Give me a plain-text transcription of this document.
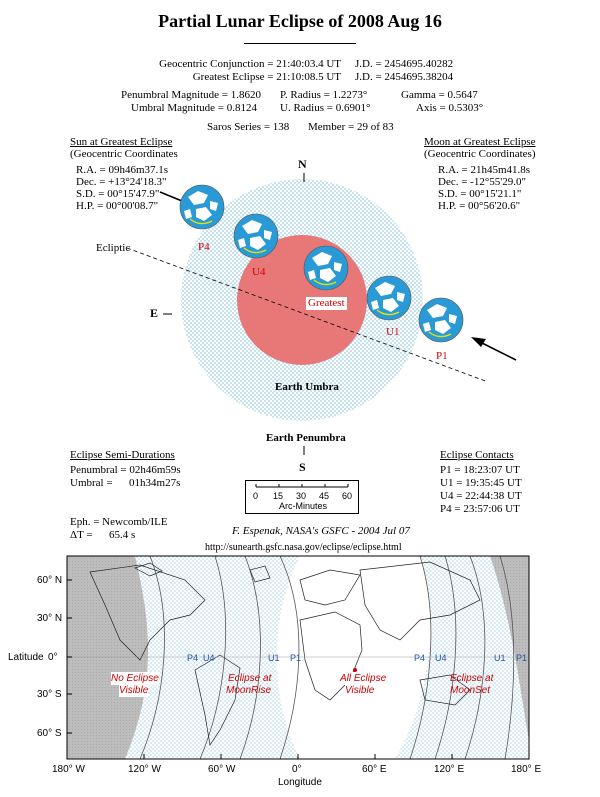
Partial Lunar Eclipse of 2008 Aug 16
Geocentric Conjunction = 21:40:03.4 UT J.D. = 2454695.40282
Greatest Eclipse = 21:10:08.5 UT J.D. = 2454695.38204
Penumbral Magnitude = 1.8620 P. Radius = 1.2273°	Gamma = 0.5647
Umbral Magnitude = 0.8124 U. Radius = 0.6901°	Axis = 0.5303°
Saros Series = 138 Member = 29 of 83
Sun at Greatest Eclipse
(Geocentric Coordinates
R.A. = 09h46m37.1s
Dec. = +13°24'18.3"
S.D. = 00°15'47.9"
H.P. = 00°00'08.7"
Moon at Greatest Eclipse
(Geocentric Coordinates)
R.A. = 21h45m41.8s
Dec. = -12°55'29.0"
S.D. = 00°15'21.1"
H.P. = 00°56'20.6"
N
S
E
Ecliptic
Earth Umbra
Earth Penumbra
P4
U4
Greatest
U1
P1
Eclipse Semi-Durations
Penumbral = 02h46m59s
Umbral =      01h34m27s
0 15 30 45 60
Arc-Minutes
Eclipse Contacts
P1 = 18:23:07 UT
U1 = 19:35:45 UT
U4 = 22:44:38 UT
P4 = 23:57:06 UT
Eph. = Newcomb/ILE
ΔT =      65.4 s	F. Espenak, NASA's GSFC - 2004 Jul 07
http://sunearth.gsfc.nasa.gov/eclipse/eclipse.html
Latitude
Longitude
60° N
30° N
0°
30° S
60° S
180° W	120° W	60° W	0°	60° E	120° E	180° E
No Eclipse
Visible
Eclipse at
MoonRise
All Eclipse
Visible
Eclipse at
MoonSet
P4 U4	U1 P1	P4 U4	U1 P1
